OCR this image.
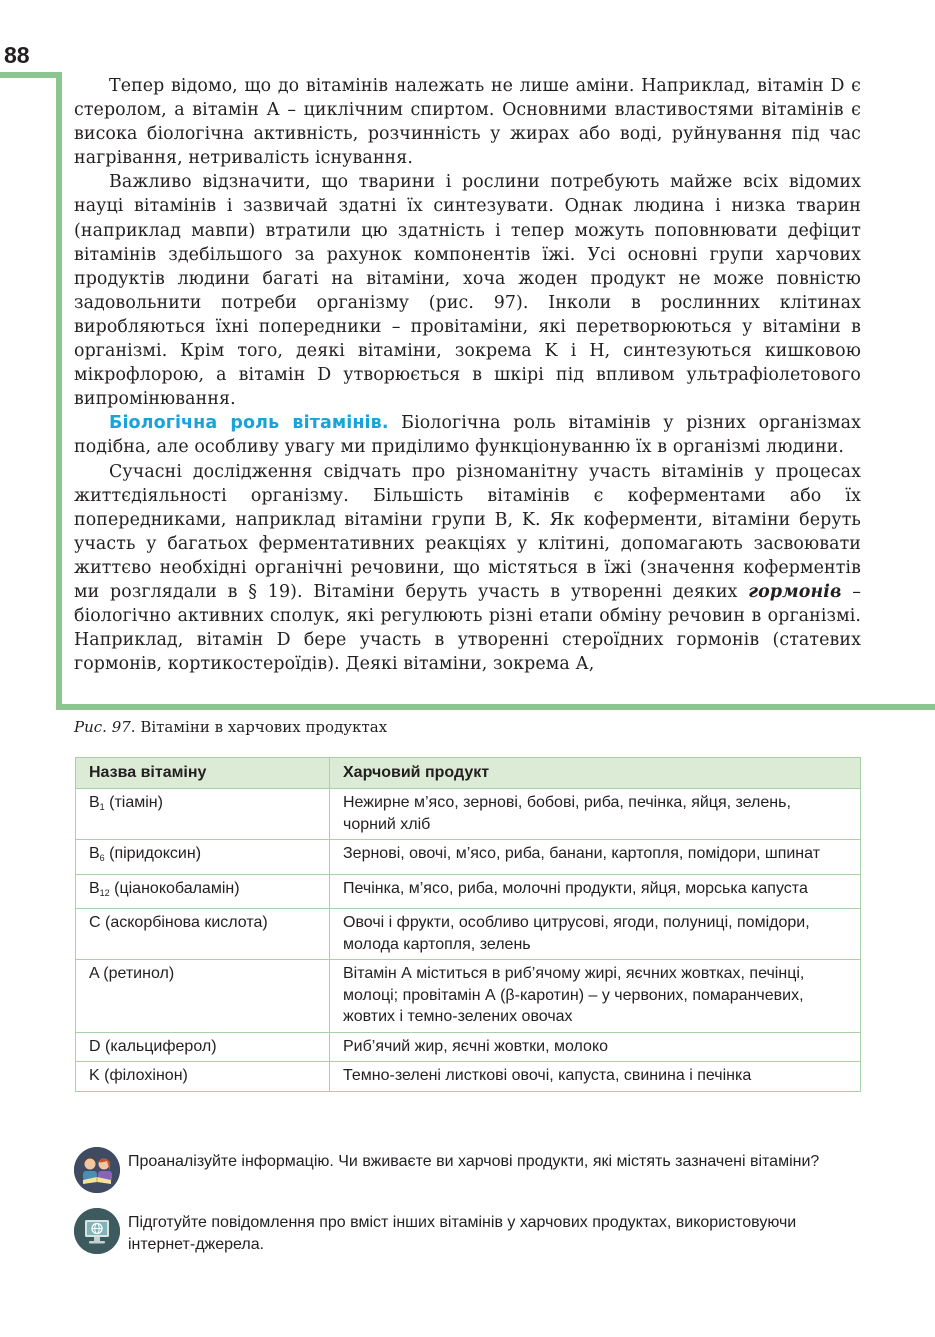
88

Тепер відомо, що до вітамінів належать не лише аміни. Наприклад, вітамін D є стеролом, а вітамін А – циклічним спиртом. Основними властивостями вітамінів є висока біологічна активність, розчинність у жирах або воді, руйнування під час нагрівання, нетривалість існування.

Важливо відзначити, що тварини і рослини потребують майже всіх відомих науці вітамінів і зазвичай здатні їх синтезувати. Однак людина і низка тварин (наприклад мавпи) втратили цю здатність і тепер можуть поповнювати дефіцит вітамінів здебільшого за рахунок компонентів їжі. Усі основні групи харчових продуктів людини багаті на вітаміни, хоча жоден продукт не може повністю задовольнити потреби організму (рис. 97). Інколи в рослинних клітинах виробляються їхні попередники – провітаміни, які перетворюються у вітаміни в організмі. Крім того, деякі вітаміни, зокрема K і H, синтезуються кишковою мікрофлорою, а вітамін D утворюється в шкірі під впливом ультрафіолетового випромінювання.

Біологічна роль вітамінів. Біологічна роль вітамінів у різних організмах подібна, але особливу увагу ми приділимо функціонуванню їх в організмі людини.

Сучасні дослідження свідчать про різноманітну участь вітамінів у процесах життєдіяльності організму. Більшість вітамінів є коферментами або їх попередниками, наприклад вітаміни групи В, K. Як коферменти, вітаміни беруть участь у багатьох ферментативних реакціях у клітині, допомагають засвоювати життєво необхідні органічні речовини, що містяться в їжі (значення коферментів ми розглядали в § 19). Вітаміни беруть участь в утворенні деяких гормонів – біологічно активних сполук, які регулюють різні етапи обміну речовин в організмі. Наприклад, вітамін D бере участь в утворенні стероїдних гормонів (статевих гормонів, кортикостероїдів). Деякі вітаміни, зокрема А,

Рис. 97. Вітаміни в харчових продуктах
Назва вітаміну	Харчовий продукт
$B_1$ (тіамін)	Нежирне м’ясо, зернові, бобові, риба, печінка, яйця, зелень, чорний хліб
$B_6$ (піридоксин)	Зернові, овочі, м’ясо, риба, банани, картопля, помідори, шпинат
$B_{12}$ (ціанокобаламін)	Печінка, м’ясо, риба, молочні продукти, яйця, морська капуста
C (аскорбінова кислота)	Овочі і фрукти, особливо цитрусові, ягоди, полуниці, помідори, молода картопля, зелень
A (ретинол)	Вітамін А міститься в риб’ячому жирі, яєчних жовтках, печінці, молоці; провітамін А (β-каротин) – у червоних, помаранчевих, жовтих і темно-зелених овочах
D (кальциферол)	Риб’ячий жир, яєчні жовтки, молоко
K (філохінон)	Темно-зелені листкові овочі, капуста, свинина і печінка
Проаналізуйте інформацію. Чи вживаєте ви харчові продукти, які містять зазначені вітаміни?
Підготуйте повідомлення про вміст інших вітамінів у харчових продуктах, використовуючи інтернет-джерела.
